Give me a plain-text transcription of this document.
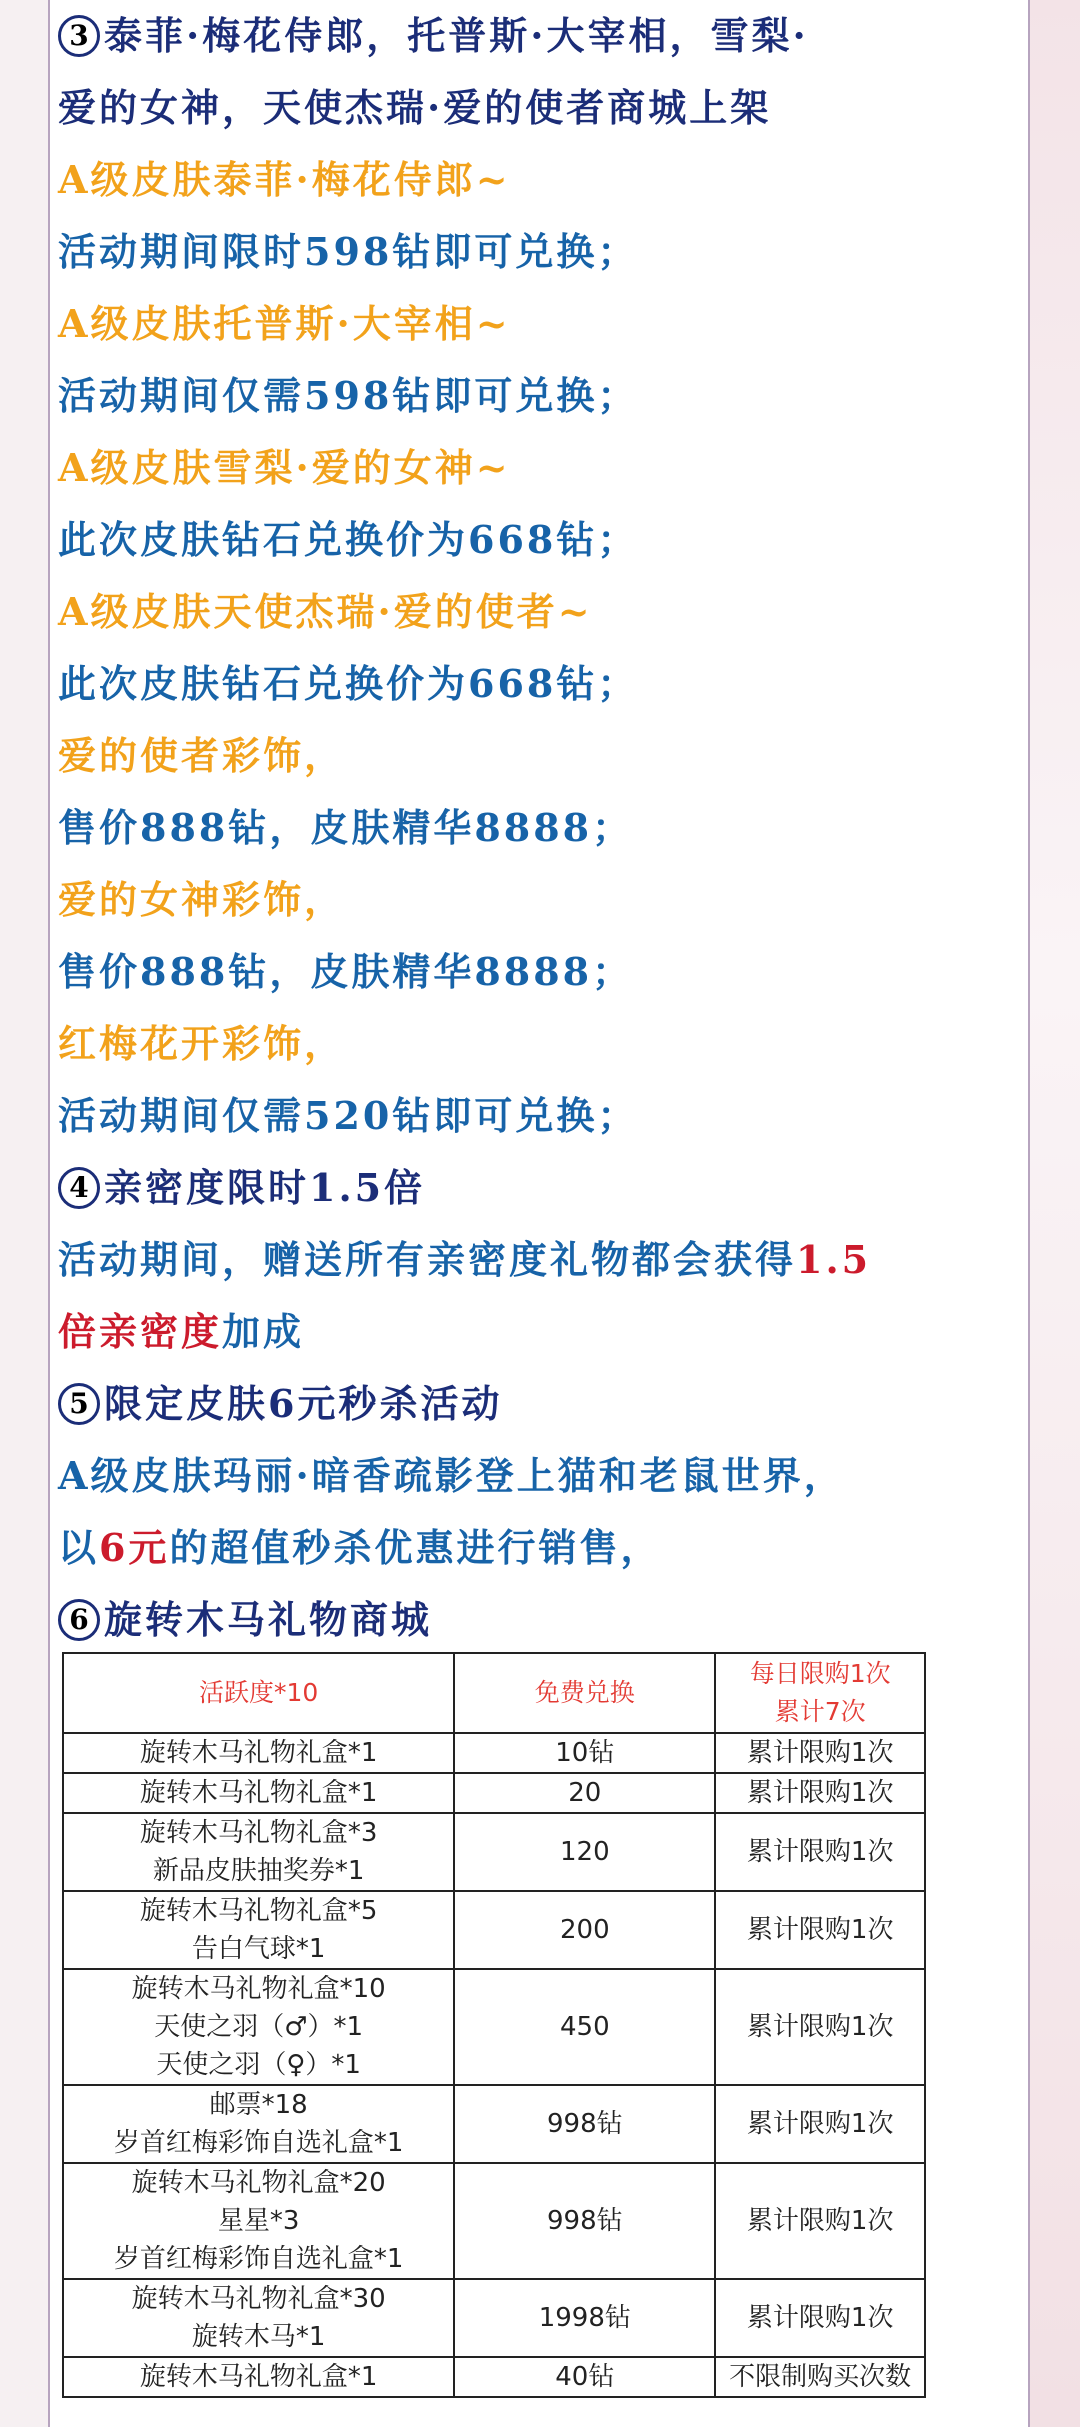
3 泰菲·梅花侍郎，托普斯·大宰相，雪梨·
爱的女神，天使杰瑞·爱的使者商城上架
A级皮肤泰菲·梅花侍郎~
活动期间限时598钻即可兑换；
A级皮肤托普斯·大宰相~
活动期间仅需598钻即可兑换；
A级皮肤雪梨·爱的女神~
此次皮肤钻石兑换价为668钻；
A级皮肤天使杰瑞·爱的使者~
此次皮肤钻石兑换价为668钻；
爱的使者彩饰，
售价888钻，皮肤精华8888；
爱的女神彩饰，
售价888钻，皮肤精华8888；
红梅花开彩饰，
活动期间仅需520钻即可兑换；
4 亲密度限时1.5倍
活动期间，赠送所有亲密度礼物都会获得1.5
倍亲密度加成
5 限定皮肤6元秒杀活动
A级皮肤玛丽·暗香疏影登上猫和老鼠世界，
以6元的超值秒杀优惠进行销售，
6 旋转木马礼物商城
活跃度*10	免费兑换	每日限购1次
累计7次

旋转木马礼物礼盒*1	10钻	累计限购1次

旋转木马礼物礼盒*1	20	累计限购1次

旋转木马礼物礼盒*3
新品皮肤抽奖券*1	120	累计限购1次

旋转木马礼物礼盒*5
告白气球*1	200	累计限购1次

旋转木马礼物礼盒*10
天使之羽（♂）*1
天使之羽（♀）*1	450	累计限购1次

邮票*18
岁首红梅彩饰自选礼盒*1	998钻	累计限购1次

旋转木马礼物礼盒*20
星星*3
岁首红梅彩饰自选礼盒*1	998钻	累计限购1次

旋转木马礼物礼盒*30
旋转木马*1	1998钻	累计限购1次

旋转木马礼物礼盒*1	40钻	不限制购买次数
